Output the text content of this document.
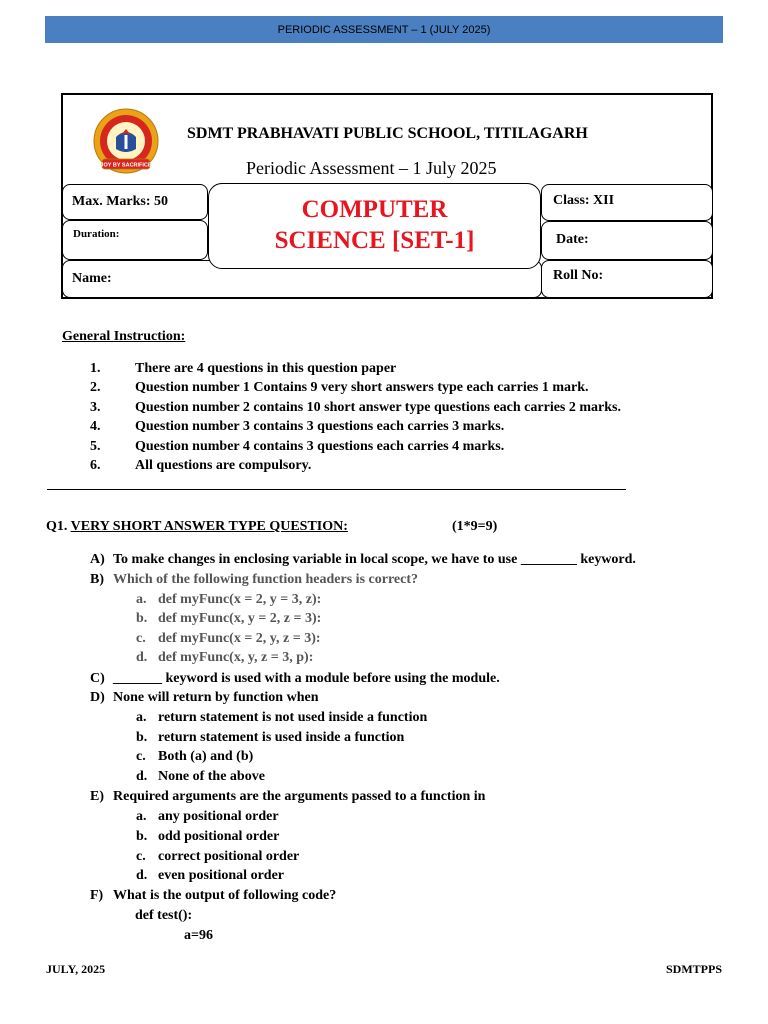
PERIODIC ASSESSMENT – 1 (JULY 2025)
JOY BY SACRIFICE
SDMT PRABHAVATI PUBLIC SCHOOL, TITILAGARH
Periodic Assessment – 1 July 2025
Max. Marks: 50
Duration:
Name:
Class: XII
Date:
Roll No:
COMPUTER
SCIENCE [SET-1]
General Instruction:
1.	There are 4 questions in this question paper
2.	Question number 1 Contains 9 very short answers type each carries 1 mark.
3.	Question number 2 contains 10 short answer type questions each carries 2 marks.
4.	Question number 3 contains 3 questions each carries 3 marks.
5.	Question number 4 contains 3 questions each carries 4 marks.
6.	All questions are compulsory.
Q1. VERY SHORT ANSWER TYPE QUESTION:	(1*9=9)
A) To make changes in enclosing variable in local scope, we have to use ________ keyword.
B) Which of the following function headers is correct?
a. def myFunc(x = 2, y = 3, z):
b. def myFunc(x, y = 2, z = 3):
c. def myFunc(x = 2, y, z = 3):
d. def myFunc(x, y, z = 3, p):
C) _______ keyword is used with a module before using the module.
D) None will return by function when
a. return statement is not used inside a function
b. return statement is used inside a function
c. Both (a) and (b)
d. None of the above
E) Required arguments are the arguments passed to a function in
a. any positional order
b. odd positional order
c. correct positional order
d. even positional order
F) What is the output of following code?
def test():
a=96
JULY, 2025	SDMTPPS
